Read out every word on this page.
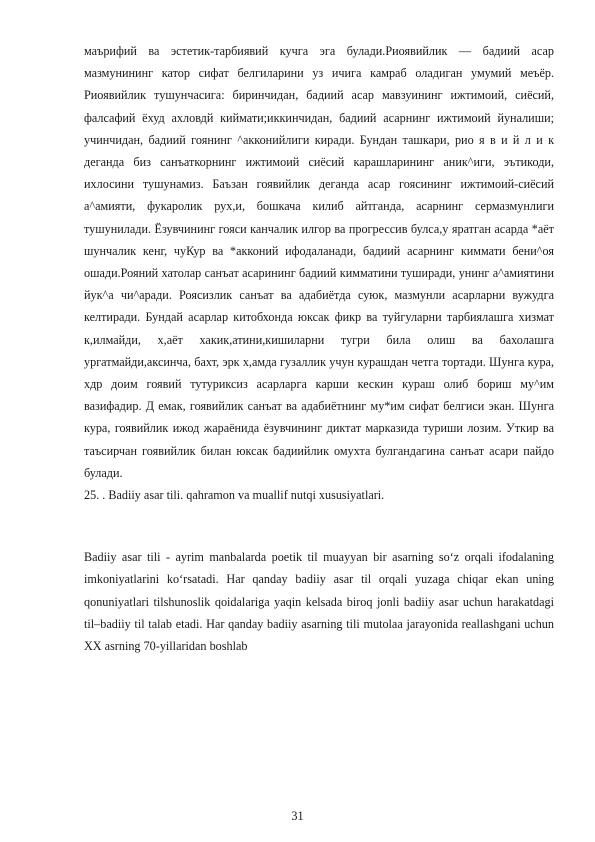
маърифий ва эстетик-тарбиявий кучга эга булади.Риоявийлик — бадиий асар мазмунининг катор сифат белгиларини уз ичига камраб оладиган умумий меъёр. Риоявийлик тушунчасига: биринчидан, бадиий асар мавзуининг ижтимоий, сиёсий, фалсафий ёхуд ахловдй киймати;иккинчидан, бадиий асарнинг ижтимоий йуналиши; учинчидан, бадиий гоянинг ^акконийлиги киради. Бундан ташкари, рио я в и й л и к деганда биз санъаткорнинг ижтимоий сиёсий карашларининг аник^иги, эътикоди, ихлосини тушунамиз. Баъзан гоявийлик деганда асар гоясининг ижтимоий-сиёсий а^амияти, фукаролик рух,и, бошкача килиб айтганда, асарнинг сермазмунлиги тушунилади. Ёзувчининг гояси канчалик илгор ва прогрессив булса,у яратган асарда *аёт шунчалик кенг, чуКур ва *акконий ифодаланади, бадиий асарнинг киммати бени^оя ошади.Рояний хатолар санъат асарининг бадиий кимматини туширади, унинг а^амиятини йук^а чи^аради. Роясизлик санъат ва адабиётда суюк, мазмунли асарларни вужудга келтиради. Бундай асарлар китобхонда юксак фикр ва туйгуларни тарбиялашга хизмат к,илмайди, х,аёт хакик,атини,кишиларни тугри била олиш ва бахолашга ургатмайди,аксинча, бахт, эрк х,амда гузаллик учун курашдан четга тортади. Шунга кура, хдр доим гоявий тутуриксиз асарларга карши кескин кураш олиб бориш му^им вазифадир. Д емак, гоявийлик санъат ва адабиётнинг му*им сифат белгиси экан. Шунга кура, гоявийлик ижод жараёнида ёзувчининг диктат марказида туриши лозим. Уткир ва таъсирчан гоявийлик билан юксак бадиийлик омухта булгандагина санъат асари пайдо булади.

25. . Badiiy asar tili. qahramon va muallif nutqi xususiyatlari.

Badiiy asar tili - ayrim manbalarda poetik til muayyan bir asarning so‘z orqali ifodalaning imkoniyatlarini ko‘rsatadi. Har qanday badiiy asar til orqali yuzaga chiqar ekan uning qonuniyatlari tilshunoslik qoidalariga yaqin kelsada biroq jonli badiiy asar uchun harakatdagi til–badiiy til talab etadi. Har qanday badiiy asarning tili mutolaa jarayonida reallashgani uchun XX asrning 70-yillaridan boshlab

31
